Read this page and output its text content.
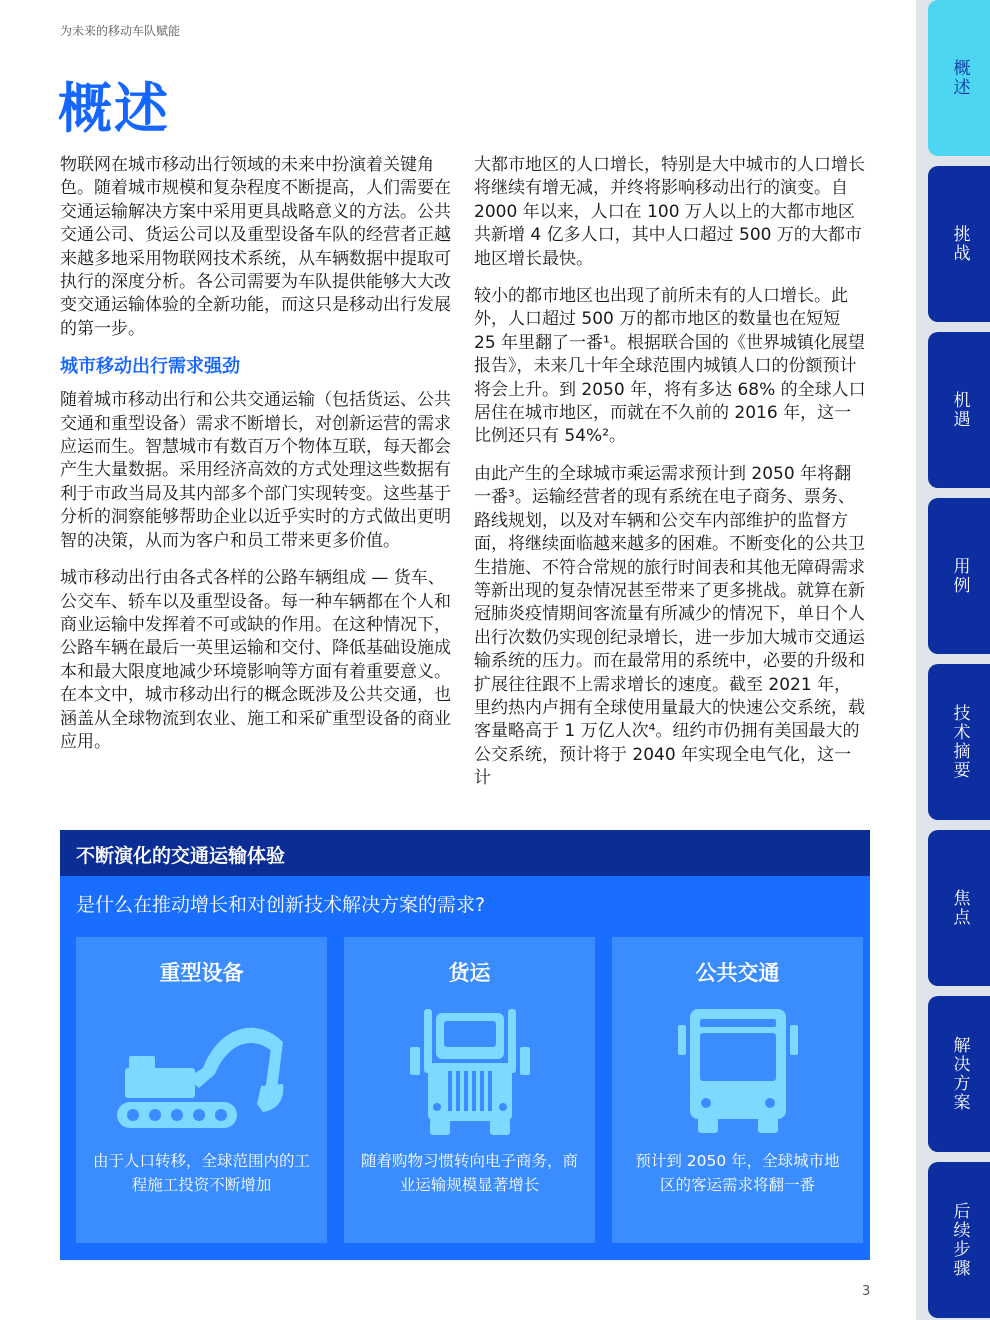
为未来的移动车队赋能
概述

物联网在城市移动出行领域的未来中扮演着关键角色。随着城市规模和复杂程度不断提高，人们需要在交通运输解决方案中采用更具战略意义的方法。公共交通公司、货运公司以及重型设备车队的经营者正越来越多地采用物联网技术系统，从车辆数据中提取可执行的深度分析。各公司需要为车队提供能够大大改变交通运输体验的全新功能，而这只是移动出行发展的第一步。

城市移动出行需求强劲

随着城市移动出行和公共交通运输（包括货运、公共交通和重型设备）需求不断增长，对创新运营的需求应运而生。智慧城市有数百万个物体互联，每天都会产生大量数据。采用经济高效的方式处理这些数据有利于市政当局及其内部多个部门实现转变。这些基于分析的洞察能够帮助企业以近乎实时的方式做出更明智的决策，从而为客户和员工带来更多价值。

城市移动出行由各式各样的公路车辆组成 — 货车、公交车、轿车以及重型设备。每一种车辆都在个人和商业运输中发挥着不可或缺的作用。在这种情况下，公路车辆在最后一英里运输和交付、降低基础设施成本和最大限度地减少环境影响等方面有着重要意义。在本文中，城市移动出行的概念既涉及公共交通，也涵盖从全球物流到农业、施工和采矿重型设备的商业应用。

大都市地区的人口增长，特别是大中城市的人口增长将继续有增无减，并终将影响移动出行的演变。自 2000 年以来，人口在 100 万人以上的大都市地区共新增 4 亿多人口，其中人口超过 500 万的大都市地区增长最快。

较小的都市地区也出现了前所未有的人口增长。此外，人口超过 500 万的都市地区的数量也在短短 25 年里翻了一番¹。根据联合国的《世界城镇化展望报告》，未来几十年全球范围内城镇人口的份额预计将会上升。到 2050 年，将有多达 68% 的全球人口居住在城市地区，而就在不久前的 2016 年，这一比例还只有 54%²。

由此产生的全球城市乘运需求预计到 2050 年将翻一番³。运输经营者的现有系统在电子商务、票务、路线规划，以及对车辆和公交车内部维护的监督方面，将继续面临越来越多的困难。不断变化的公共卫生措施、不符合常规的旅行时间表和其他无障碍需求等新出现的复杂情况甚至带来了更多挑战。就算在新冠肺炎疫情期间客流量有所减少的情况下，单日个人出行次数仍实现创纪录增长，进一步加大城市交通运输系统的压力。而在最常用的系统中，必要的升级和扩展往往跟不上需求增长的速度。截至 2021 年，里约热内卢拥有全球使用量最大的快速公交系统，载客量略高于 1 万亿人次⁴。纽约市仍拥有美国最大的公交系统，预计将于 2040 年实现全电气化，这一计

不断演化的交通运输体验
是什么在推动增长和对创新技术解决方案的需求?
重型设备
由于人口转移，全球范围内的工程施工投资不断增加
货运
随着购物习惯转向电子商务，商业运输规模显著增长
公共交通
预计到 2050 年，全球城市地区的客运需求将翻一番
3
概述
挑战
机遇
用例
技术摘要
焦点
解决方案
后续步骤
